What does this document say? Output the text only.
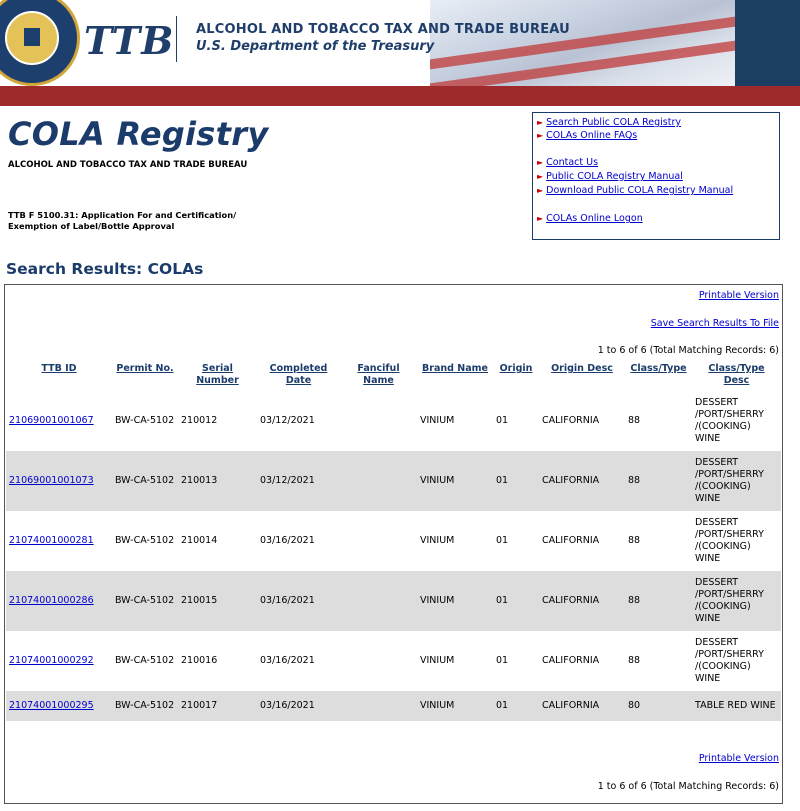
TTB ALCOHOL AND TOBACCO TAX AND TRADE BUREAU
U.S. Department of the Treasury
COLA Registry
ALCOHOL AND TOBACCO TAX AND TRADE BUREAU
TTB F 5100.31: Application For and Certification/
Exemption of Label/Bottle Approval
► Search Public COLA Registry
► COLAs Online FAQs
► Contact Us
► Public COLA Registry Manual
► Download Public COLA Registry Manual
► COLAs Online Logon
Search Results: COLAs
Printable Version
Save Search Results To File
1 to 6 of 6 (Total Matching Records: 6)
TTB ID	Permit No.	Serial Number	Completed Date	Fanciful Name	Brand Name	Origin	Origin Desc	Class/Type	Class/Type Desc
21069001001067	BW-CA-5102	210012	03/12/2021		VINIUM	01	CALIFORNIA	88	DESSERT /PORT/SHERRY /(COOKING) WINE
21069001001073	BW-CA-5102	210013	03/12/2021		VINIUM	01	CALIFORNIA	88	DESSERT /PORT/SHERRY /(COOKING) WINE
21074001000281	BW-CA-5102	210014	03/16/2021		VINIUM	01	CALIFORNIA	88	DESSERT /PORT/SHERRY /(COOKING) WINE
21074001000286	BW-CA-5102	210015	03/16/2021		VINIUM	01	CALIFORNIA	88	DESSERT /PORT/SHERRY /(COOKING) WINE
21074001000292	BW-CA-5102	210016	03/16/2021		VINIUM	01	CALIFORNIA	88	DESSERT /PORT/SHERRY /(COOKING) WINE
21074001000295	BW-CA-5102	210017	03/16/2021		VINIUM	01	CALIFORNIA	80	TABLE RED WINE
Printable Version
1 to 6 of 6 (Total Matching Records: 6)
